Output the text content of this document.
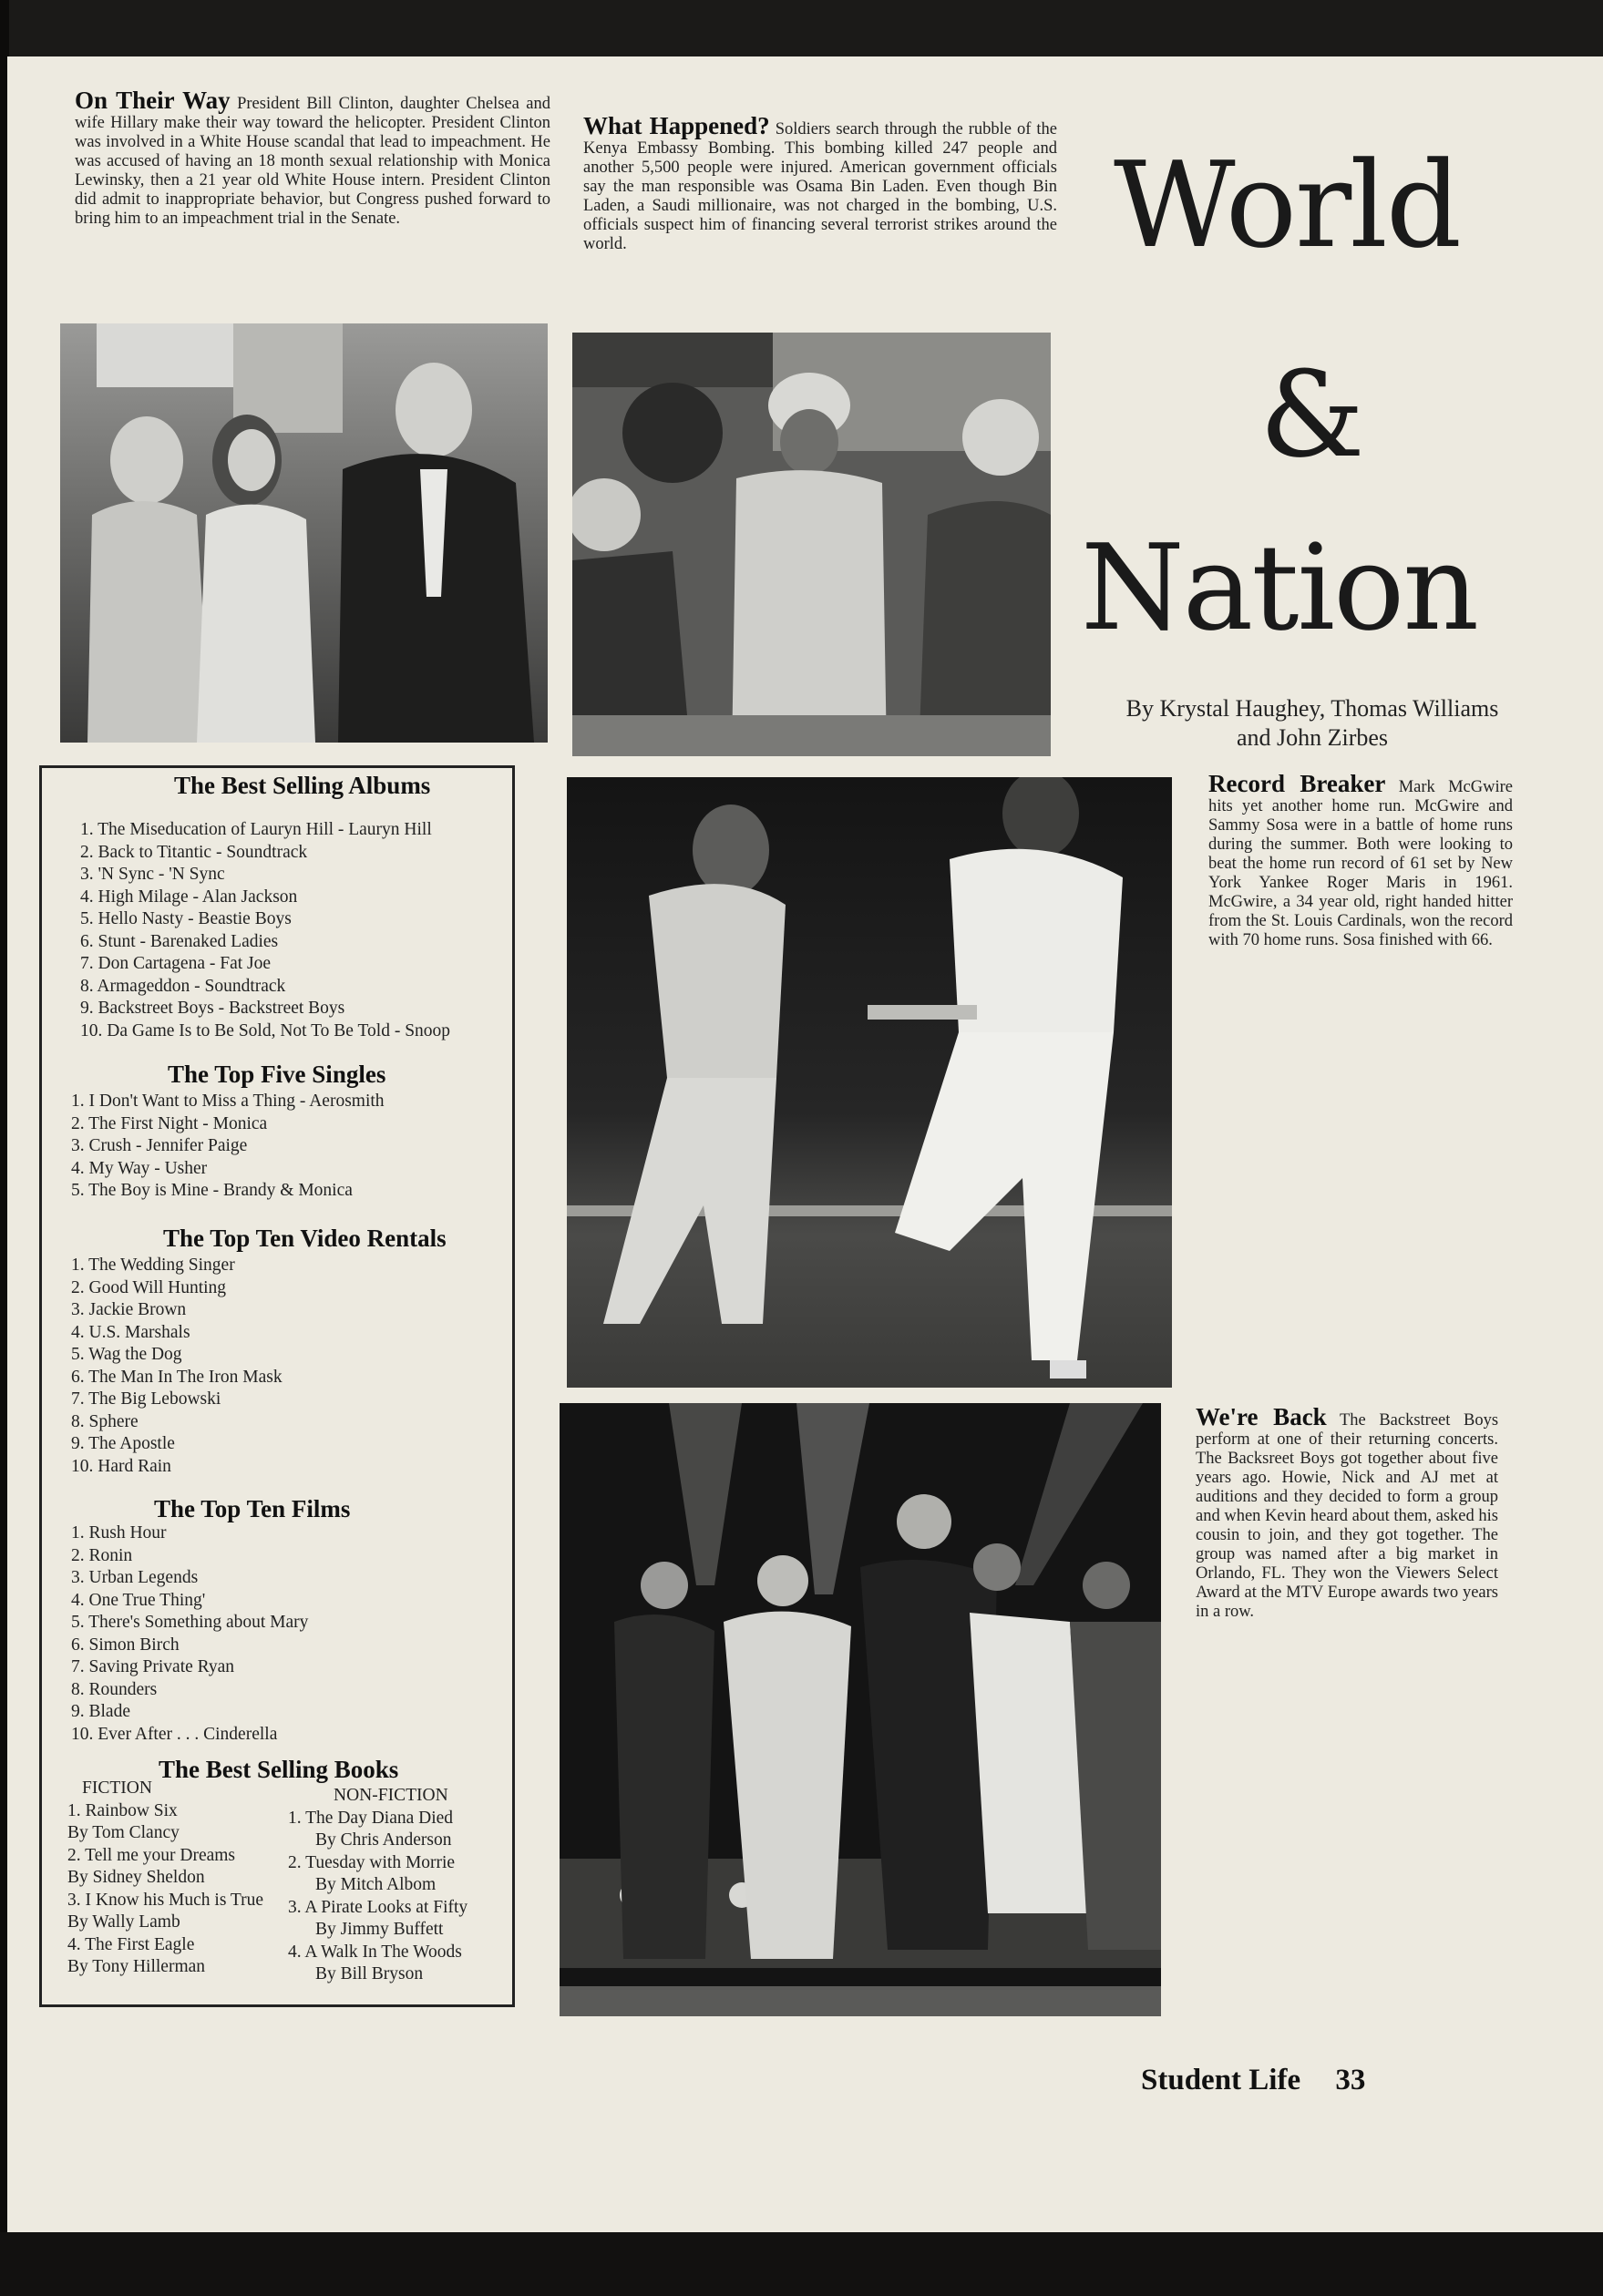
On Their Way President Bill Clinton, daughter Chelsea and wife Hillary make their way toward the helicopter. President Clinton was involved in a White House scandal that lead to impeachment. He was accused of having an 18 month sexual relationship with Monica Lewinsky, then a 21 year old White House intern. President Clinton did admit to inappropriate behavior, but Congress pushed forward to bring him to an impeachment trial in the Senate.
What Happened? Soldiers search through the rubble of the Kenya Embassy Bombing. This bombing killed 247 people and another 5,500 people were injured. American government officials say the man responsible was Osama Bin Laden. Even though Bin Laden, a Saudi millionaire, was not charged in the bombing, U.S. officials suspect him of financing several terrorist strikes around the world.	World
&
Nation
By Krystal Haughey, Thomas Williams
and John Zirbes
The Best Selling Albums
1. The Miseducation of Lauryn Hill - Lauryn Hill
2. Back to Titantic - Soundtrack
3. 'N Sync - 'N Sync
4. High Milage - Alan Jackson
5. Hello Nasty - Beastie Boys
6. Stunt - Barenaked Ladies
7. Don Cartagena - Fat Joe
8. Armageddon - Soundtrack
9. Backstreet Boys - Backstreet Boys
10. Da Game Is to Be Sold, Not To Be Told - Snoop
The Top Five Singles
1. I Don't Want to Miss a Thing - Aerosmith
2. The First Night - Monica
3. Crush - Jennifer Paige
4. My Way - Usher
5. The Boy is Mine - Brandy & Monica
The Top Ten Video Rentals
1. The Wedding Singer
2. Good Will Hunting
3. Jackie Brown
4. U.S. Marshals
5. Wag the Dog
6. The Man In The Iron Mask
7. The Big Lebowski
8. Sphere
9. The Apostle
10. Hard Rain
The Top Ten Films
1. Rush Hour
2. Ronin
3. Urban Legends
4. One True Thing'
5. There's Something about Mary
6. Simon Birch
7. Saving Private Ryan
8. Rounders
9. Blade
10. Ever After . . . Cinderella
The Best Selling Books
FICTION
1. Rainbow Six
By Tom Clancy
2. Tell me your Dreams
By Sidney Sheldon
3. I Know his Much is True
By Wally Lamb
4. The First Eagle
By Tony Hillerman
NON-FICTION
1. The Day Diana Died
By Chris Anderson
2. Tuesday with Morrie
By Mitch Albom
3. A Pirate Looks at Fifty
By Jimmy Buffett
4. A Walk In The Woods
By Bill Bryson
Record Breaker Mark McGwire hits yet another home run. McGwire and Sammy Sosa were in a battle of home runs during the summer. Both were looking to beat the home run record of 61 set by New York Yankee Roger Maris in 1961. McGwire, a 34 year old, right handed hitter from the St. Louis Cardinals, won the record with 70 home runs. Sosa finished with 66.
We're Back The Backstreet Boys perform at one of their returning concerts. The Backsreet Boys got together about five years ago. Howie, Nick and AJ met at auditions and they decided to form a group and when Kevin heard about them, asked his cousin to join, and they got together. The group was named after a big market in Orlando, FL. They won the Viewers Select Award at the MTV Europe awards two years in a row.
Student Life 33
